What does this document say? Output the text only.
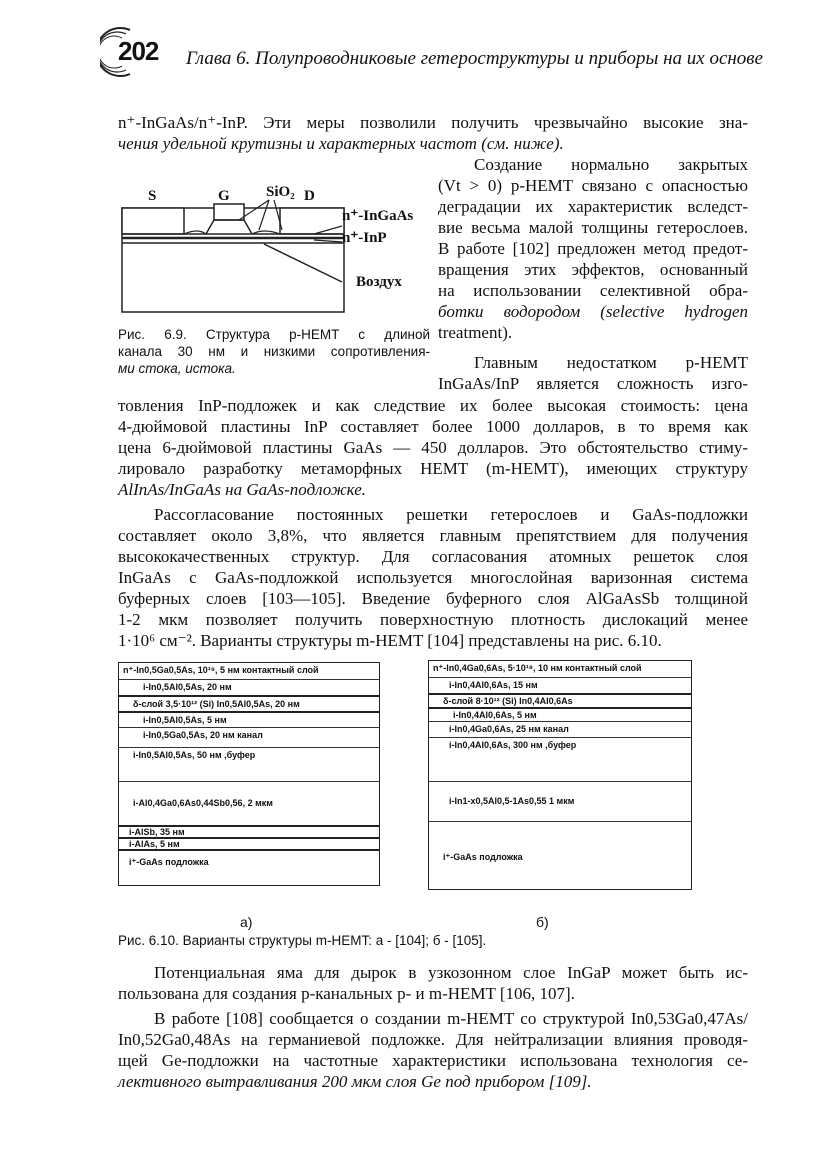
202 Глава 6. Полупроводниковые гетероструктуры и приборы на их основе
n⁺-InGaAs/n⁺-InP. Эти меры позволили получить чрезвычайно высокие зна-
чения удельной крутизны и характерных частот (см. ниже).
SiO₂
S	G	D
n⁺-InGaAs
n⁺-InP
Воздух
Рис. 6.9. Структура p-HEMT с длиной
канала 30 нм и низкими сопротивления-
ми стока, истока.
Создание нормально закрытых
(Vt > 0) p-HEMT связано с опасностью
деградации их характеристик вследст-
вие весьма малой толщины гетерослоев.
В работе [102] предложен метод предот-
вращения этих эффектов, основанный
на использовании селективной обра-
ботки водородом (selective hydrogen
treatment).
Главным недостатком p-HEMT
InGaAs/InP является сложность изго-
товления InP-подложек и как следствие их более высокая стоимость: цена
4-дюймовой пластины InP составляет более 1000 долларов, в то время как
цена 6-дюймовой пластины GaAs — 450 долларов. Это обстоятельство стиму-
лировало разработку метаморфных HEMT (m-HEMT), имеющих структуру
AlInAs/InGaAs на GaAs-подложке.
Рассогласование постоянных решетки гетерослоев и GaAs-подложки
составляет около 3,8%, что является главным препятствием для получения
высококачественных структур. Для согласования атомных решеток слоя
InGaAs с GaAs-подложкой используется многослойная варизонная система
буферных слоев [103—105]. Введение буферного слоя AlGaAsSb толщиной
1-2 мкм позволяет получить поверхностную плотность дислокаций менее
1·10⁶ см⁻². Варианты структуры m-HEMT [104] представлены на рис. 6.10.
n⁺-In0,5Ga0,5As, 10¹⁹, 5 нм контактный слой
i-In0,5Al0,5As, 20 нм
δ-слой 3,5·10¹² (Si) In0,5Al0,5As, 20 нм
i-In0,5Al0,5As, 5 нм
i-In0,5Ga0,5As, 20 нм канал
i-In0,5Al0,5As, 50 нм ,буфер
i-Al0,4Ga0,6As0,44Sb0,56, 2 мкм
i-AlSb, 35 нм
i-AlAs, 5 нм
i⁺-GaAs подложка
n⁺-In0,4Ga0,6As, 5·10¹⁸, 10 нм контактный слой
i-In0,4Al0,6As, 15 нм
δ-слой 8·10¹² (Si) In0,4Al0,6As
i-In0,4Al0,6As, 5 нм
i-In0,4Ga0,6As, 25 нм канал
i-In0,4Al0,6As, 300 нм ,буфер
i-In1-x0,5Al0,5-1As0,55 1 мкм
i⁺-GaAs подложка
а)	б)
Рис. 6.10. Варианты структуры m-HEMT: а - [104]; б - [105].
Потенциальная яма для дырок в узкозонном слое InGaP может быть ис-
пользована для создания p-канальных p- и m-HEMT [106, 107].
В работе [108] сообщается о создании m-HEMT со структурой In0,53Ga0,47As/
In0,52Ga0,48As на германиевой подложке. Для нейтрализации влияния проводя-
щей Ge-подложки на частотные характеристики использована технология се-
лективного вытравливания 200 мкм слоя Ge под прибором [109].
